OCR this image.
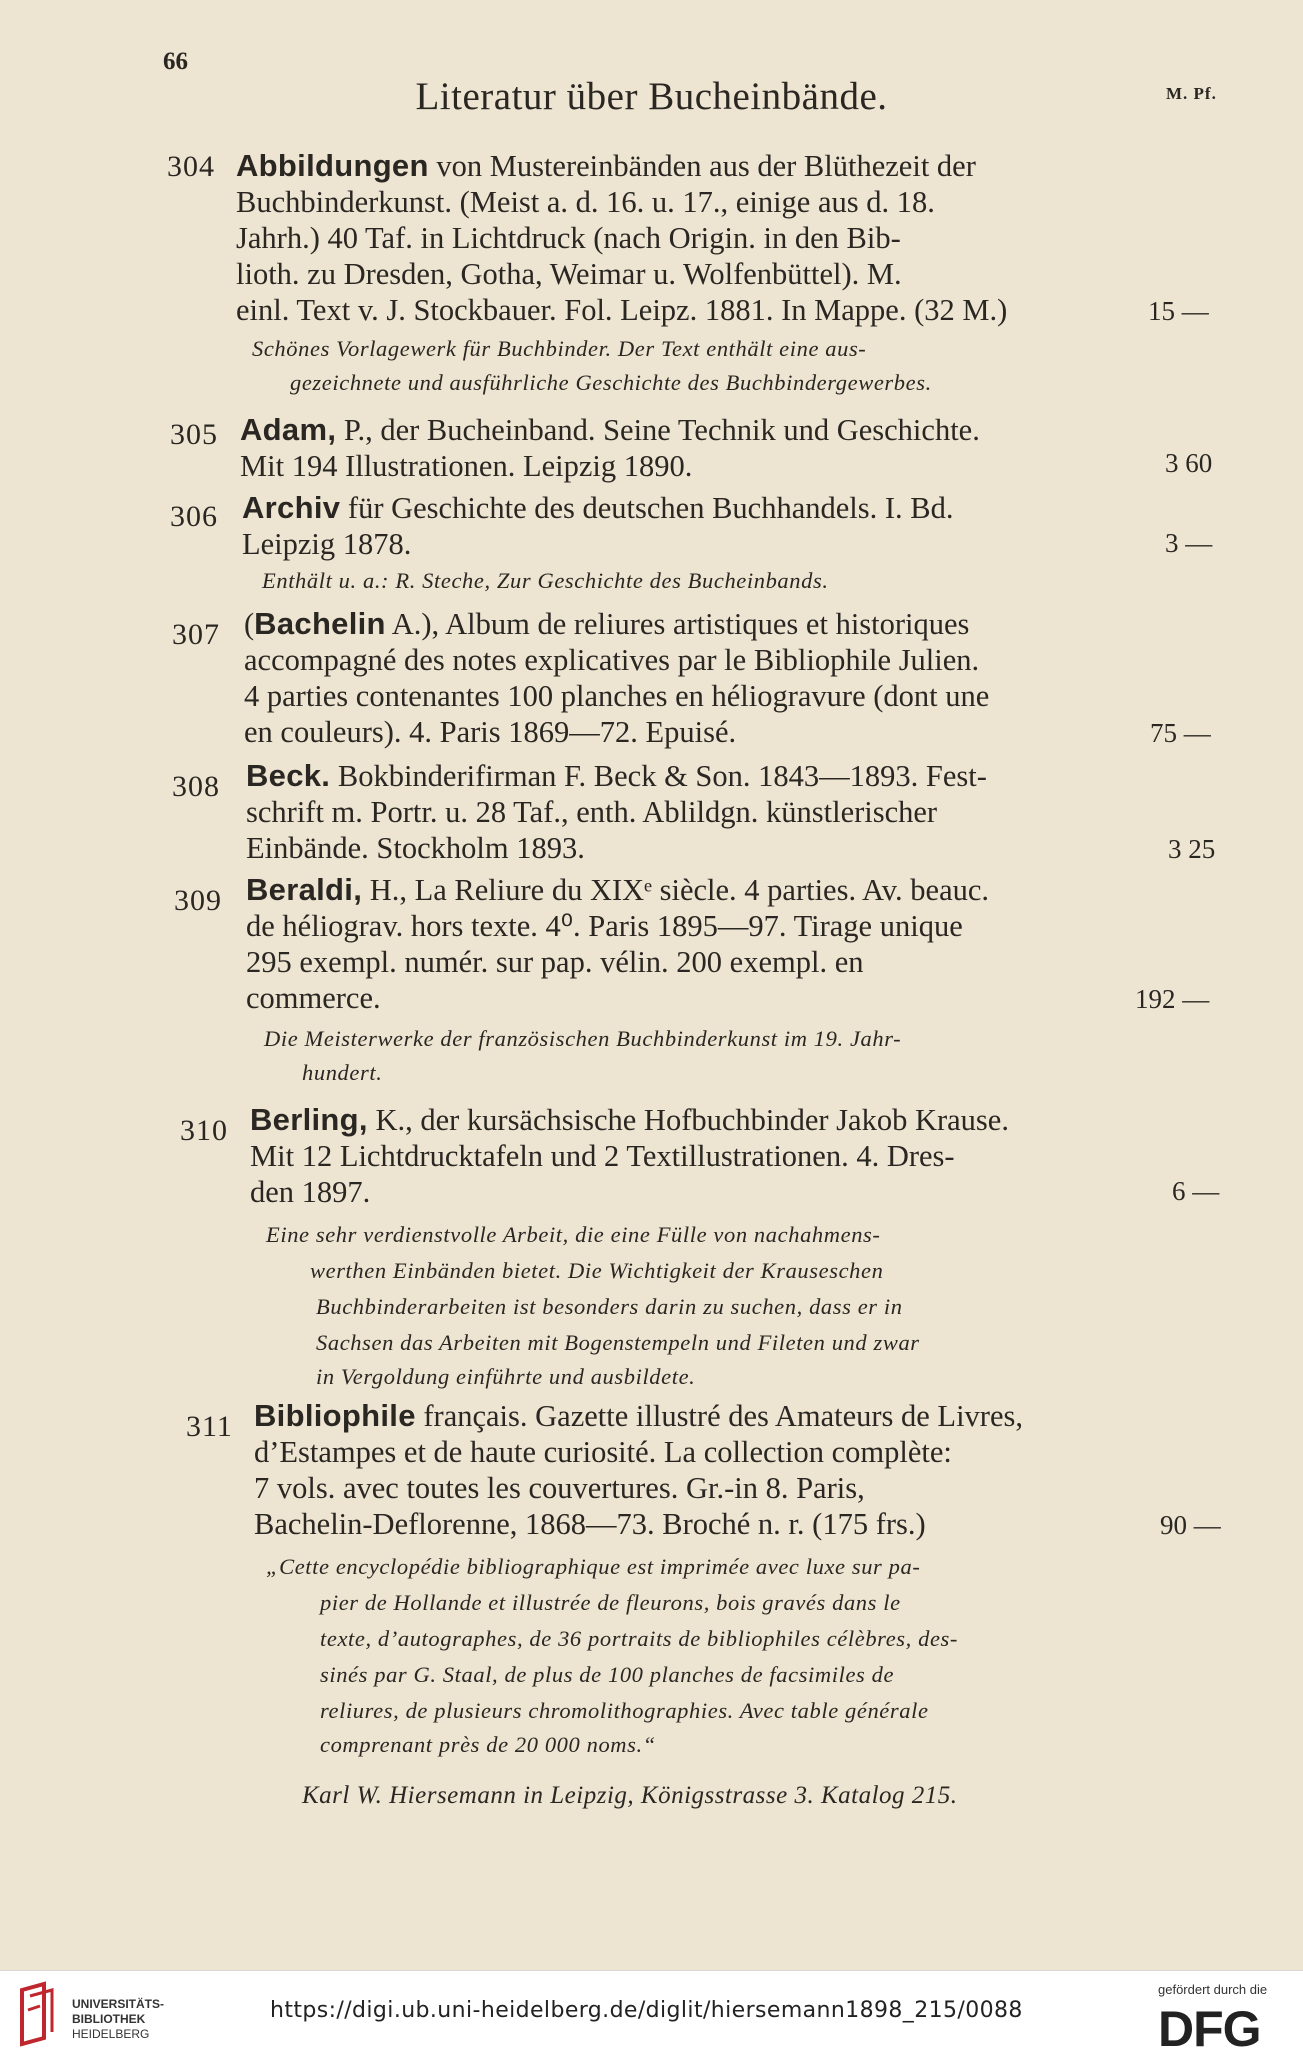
66
Literatur über Bucheinbände.	M. Pf.
304 Abbildungen von Mustereinbänden aus der Blüthezeit der
Buchbinderkunst. (Meist a. d. 16. u. 17., einige aus d. 18.
Jahrh.) 40 Taf. in Lichtdruck (nach Origin. in den Bib-
lioth. zu Dresden, Gotha, Weimar u. Wolfenbüttel). M.
einl. Text v. J. Stockbauer. Fol. Leipz. 1881. In Mappe. (32 M.)	15 —
Schönes Vorlagewerk für Buchbinder. Der Text enthält eine aus-
gezeichnete und ausführliche Geschichte des Buchbindergewerbes.
305 Adam, P., der Bucheinband. Seine Technik und Geschichte.
Mit 194 Illustrationen. Leipzig 1890.	3 60
306 Archiv für Geschichte des deutschen Buchhandels. I. Bd.
Leipzig 1878.	3 —
Enthält u. a.: R. Steche, Zur Geschichte des Bucheinbands.
307 (Bachelin A.), Album de reliures artistiques et historiques
accompagné des notes explicatives par le Bibliophile Julien.
4 parties contenantes 100 planches en héliogravure (dont une
en couleurs). 4. Paris 1869—72. Epuisé.	75 —
308 Beck. Bokbinderifirman F. Beck & Son. 1843—1893. Fest-
schrift m. Portr. u. 28 Taf., enth. Ablildgn. künstlerischer
Einbände. Stockholm 1893.	3 25
309 Beraldi, H., La Reliure du XIXᵉ siècle. 4 parties. Av. beauc.
de héliograv. hors texte. 4⁰. Paris 1895—97. Tirage unique
295 exempl. numér. sur pap. vélin. 200 exempl. en
commerce.	192 —
Die Meisterwerke der französischen Buchbinderkunst im 19. Jahr-
hundert.
310 Berling, K., der kursächsische Hofbuchbinder Jakob Krause.
Mit 12 Lichtdrucktafeln und 2 Textillustrationen. 4. Dres-
den 1897.	6 —
Eine sehr verdienstvolle Arbeit, die eine Fülle von nachahmens-
werthen Einbänden bietet. Die Wichtigkeit der Krauseschen
Buchbinderarbeiten ist besonders darin zu suchen, dass er in
Sachsen das Arbeiten mit Bogenstempeln und Fileten und zwar
in Vergoldung einführte und ausbildete.
311 Bibliophile français. Gazette illustré des Amateurs de Livres,
d’Estampes et de haute curiosité. La collection complète:
7 vols. avec toutes les couvertures. Gr.-in 8. Paris,
Bachelin-Deflorenne, 1868—73. Broché n. r. (175 frs.)	90 —
„Cette encyclopédie bibliographique est imprimée avec luxe sur pa-
pier de Hollande et illustrée de fleurons, bois gravés dans le
texte, d’autographes, de 36 portraits de bibliophiles célèbres, des-
sinés par G. Staal, de plus de 100 planches de facsimiles de
reliures, de plusieurs chromolithographies. Avec table générale
comprenant près de 20 000 noms.“
Karl W. Hiersemann in Leipzig, Königsstrasse 3. Katalog 215.
UNIVERSITÄTS-
BIBLIOTHEK
HEIDELBERG
https://digi.ub.uni-heidelberg.de/diglit/hiersemann1898_215/0088
gefördert durch die
DFG
